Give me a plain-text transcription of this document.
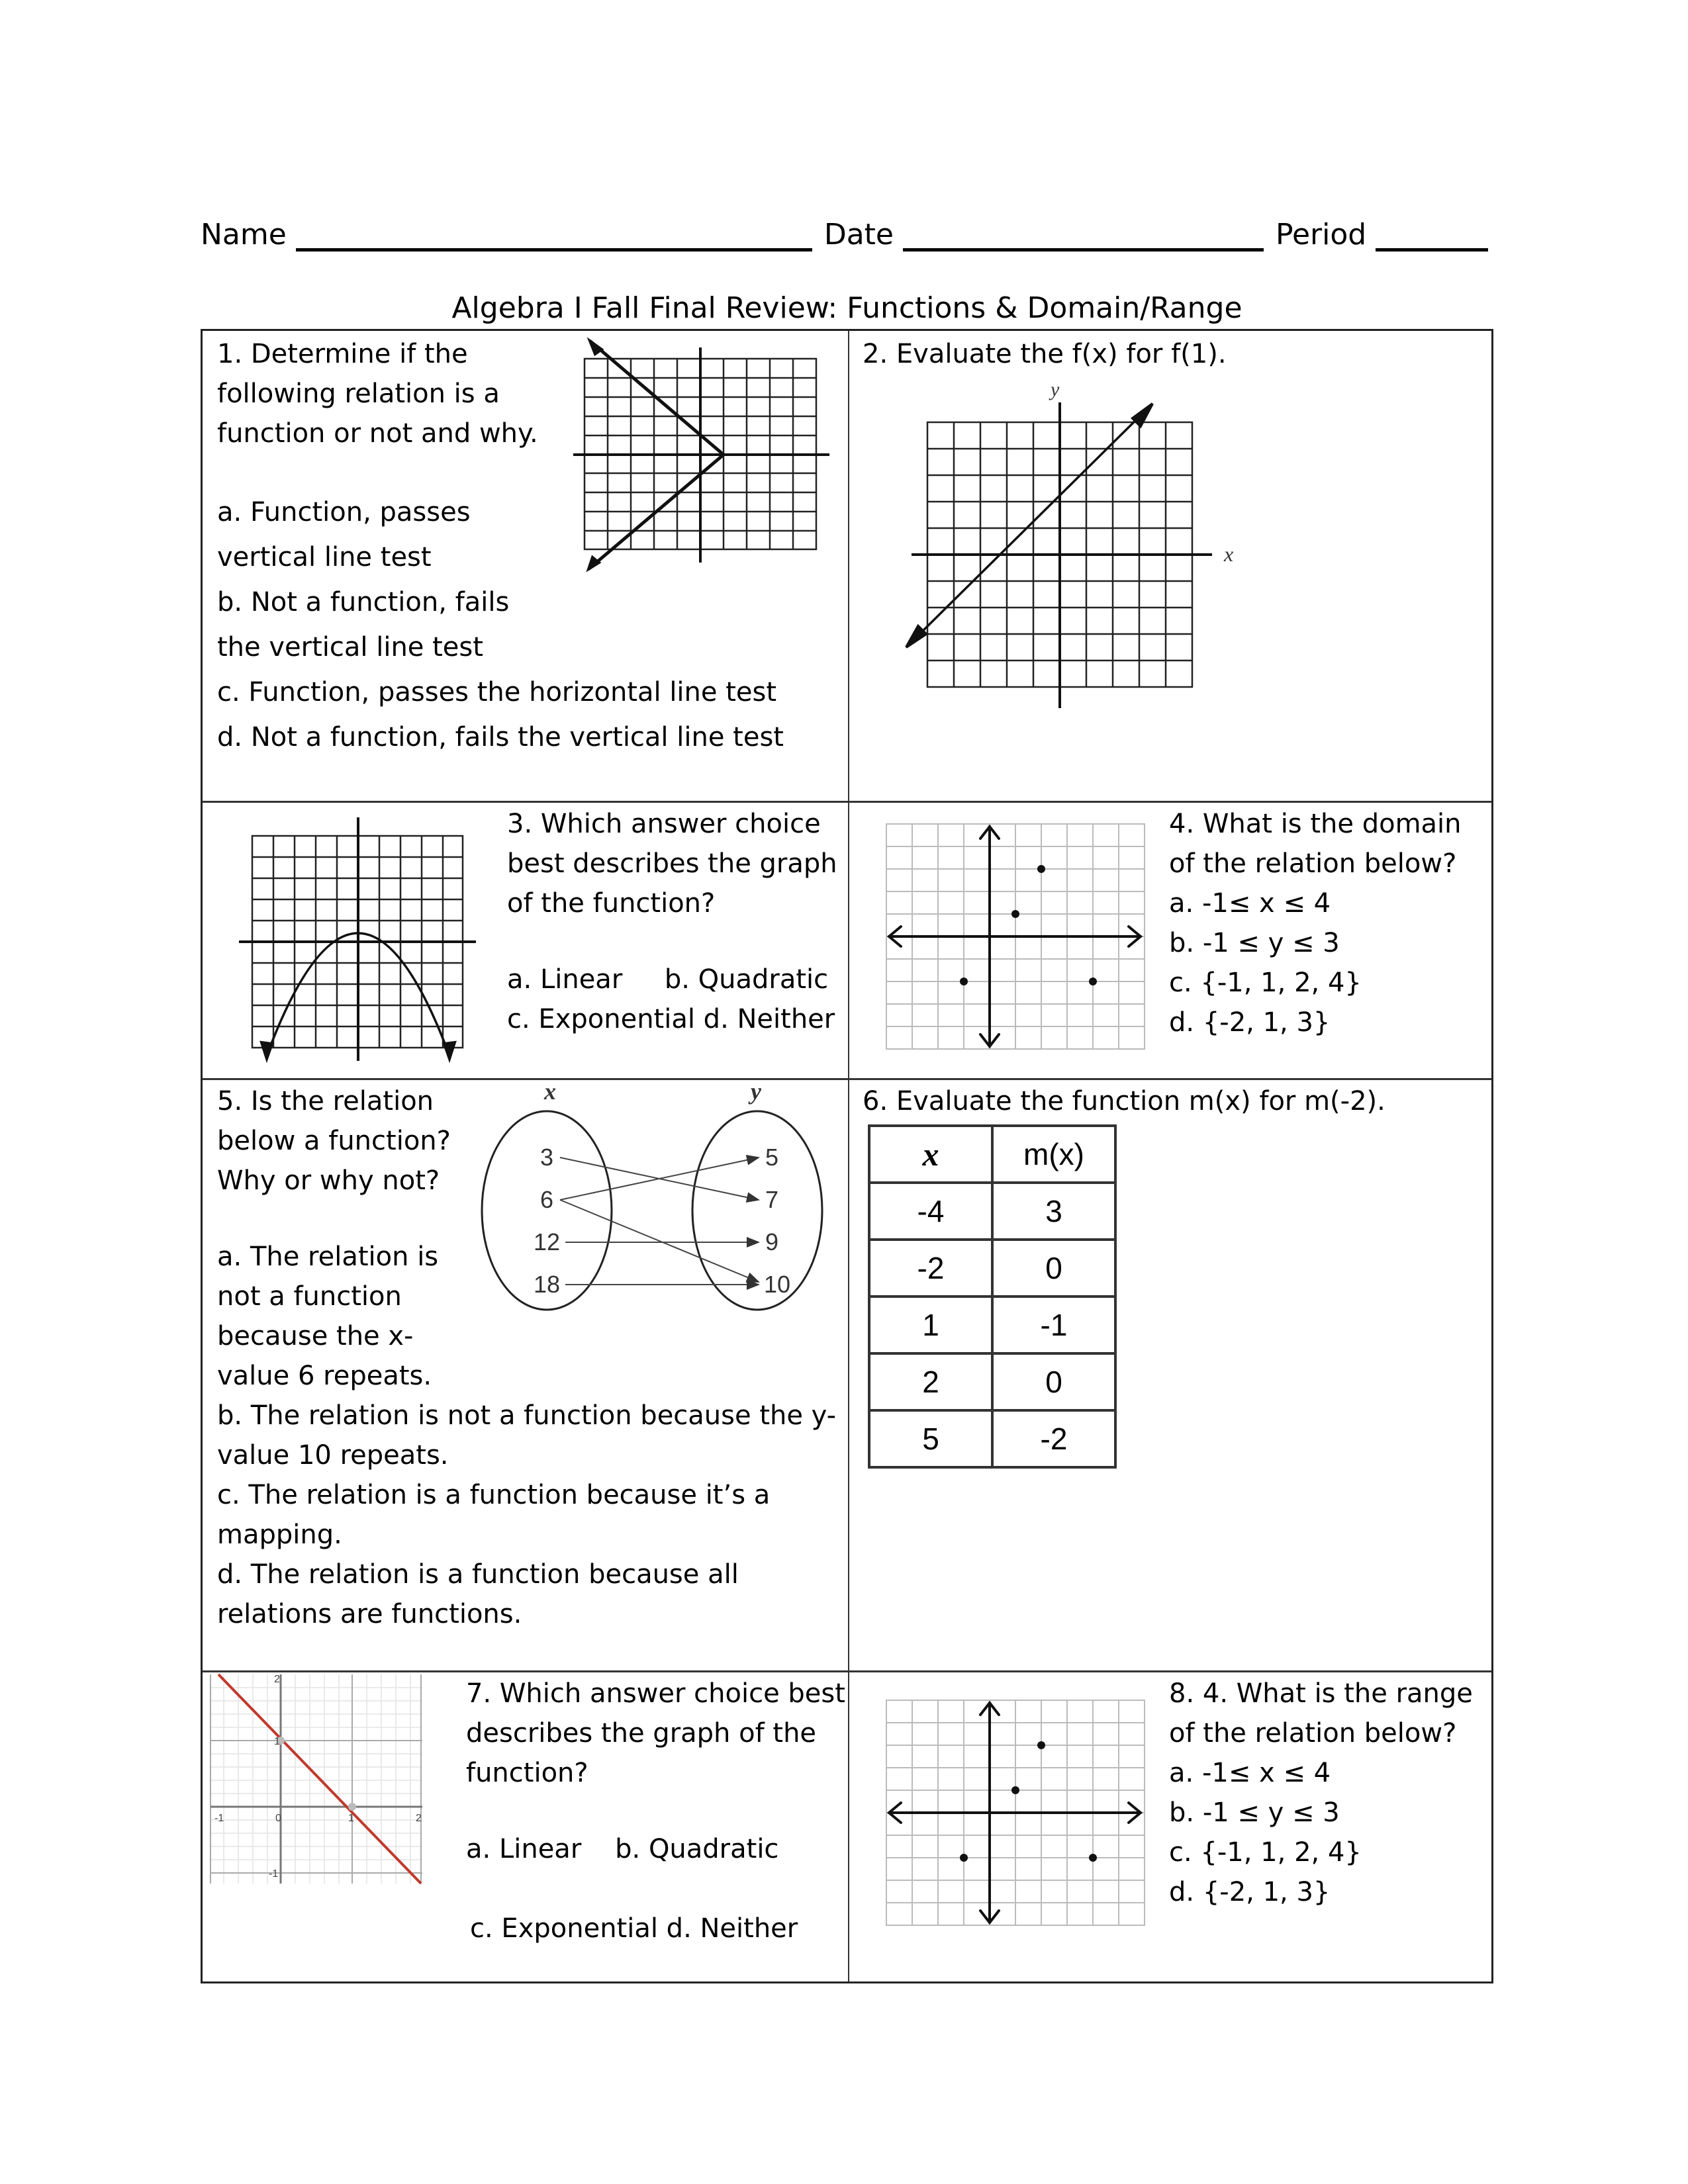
Name	Date	Period
Algebra I Fall Final Review: Functions & Domain/Range
1. Determine if the
following relation is a
function or not and why.
a. Function, passes
vertical line test
b. Not a function, fails
the vertical line test
c. Function, passes the horizontal line test
d. Not a function, fails the vertical line test
2. Evaluate the f(x) for f(1).
y
x
3. Which answer choice
best describes the graph
of the function?
a. Linear     b. Quadratic
c. Exponential d. Neither
4. What is the domain
of the relation below?
a. -1≤ x ≤ 4
b. -1 ≤ y ≤ 3
c. {-1, 1, 2, 4}
d. {-2, 1, 3}
5. Is the relation
below a function?
Why or why not?
a. The relation is
not a function
because the x-
value 6 repeats.
b. The relation is not a function because the y-
value 10 repeats.
c. The relation is a function because it’s a
mapping.
d. The relation is a function because all
relations are functions.
x	y
3
6
12
18
5
7
9
10
6. Evaluate the function m(x) for m(-2).
x	m(x)
-4	3
-2	0
1	-1
2	0
5	-2
-1	0	1	2
2
1
-1
7. Which answer choice best
describes the graph of the
function?
a. Linear    b. Quadratic
c. Exponential d. Neither
8. 4. What is the range
of the relation below?
a. -1≤ x ≤ 4
b. -1 ≤ y ≤ 3
c. {-1, 1, 2, 4}
d. {-2, 1, 3}
